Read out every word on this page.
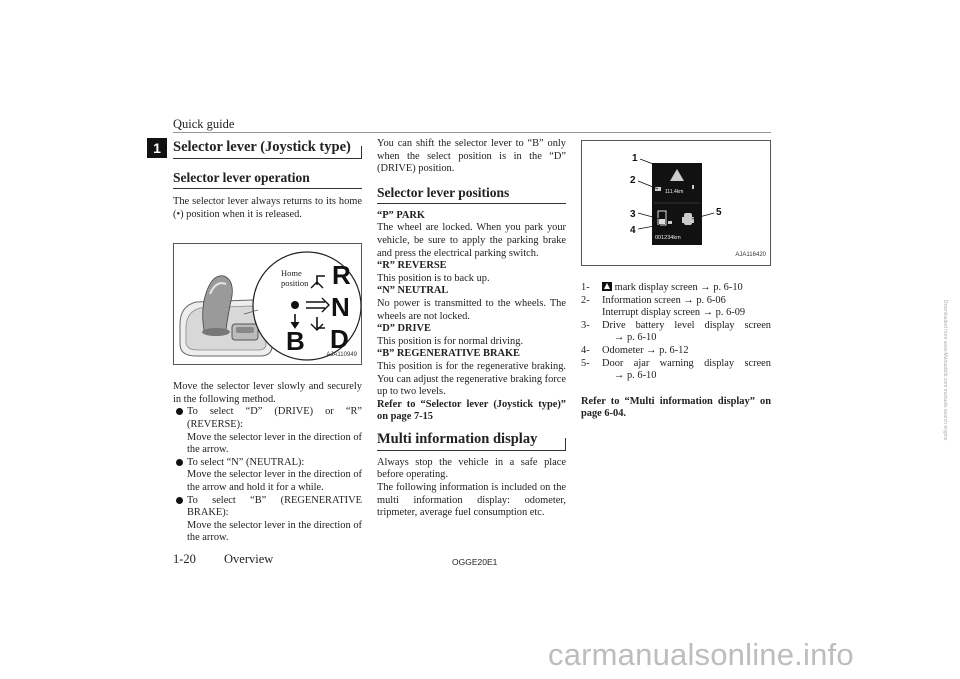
Quick guide
1 Selector lever (Joystick type)
Selector lever operation

The selector lever always returns to its home (•) position when it is released.

R
N
D
B
Home
position
AJA110949

Move the selector lever slowly and securely in the following method.

To select “D” (DRIVE) or “R” (REVERSE):
Move the selector lever in the direction of the arrow.
To select “N” (NEUTRAL):
Move the selector lever in the direction of the arrow and hold it for a while.
To select “B” (REGENERATIVE BRAKE):
Move the selector lever in the direction of the arrow.

You can shift the selector lever to “B” only when the select position is in the “D” (DRIVE) position.

Selector lever positions
“P” PARK

The wheel are locked. When you park your vehicle, be sure to apply the parking brake and press the electrical parking switch.

“R” REVERSE

This position is to back up.

“N” NEUTRAL

No power is transmitted to the wheels. The wheels are not locked.

“D” DRIVE

This position is for normal driving.

“B” REGENERATIVE BRAKE

This position is for the regenerative braking. You can adjust the regenerative braking force up to two levels.

Refer to “Selector lever (Joystick type)” on page 7-15

Multi information display

Always stop the vehicle in a safe place before operating.

The following information is included on the multi information display: odometer, tripmeter, average fuel consumption etc.

111.4km
001234km
1
2
3
4
5
AJA116420
1- mark display screen → p. 6-10
2- Information screen → p. 6-06
Interrupt display screen → p. 6-09
3- Drive battery level display screen
→ p. 6-10
4- Odometer → p. 6-12
5- Door ajar warning display screen
→ p. 6-10

Refer to “Multi information display” on page 6-04.

1-20 Overview	OGGE20E1
carmanualsonline.info
Downloaded from www.Manualslib.com manuals search engine
